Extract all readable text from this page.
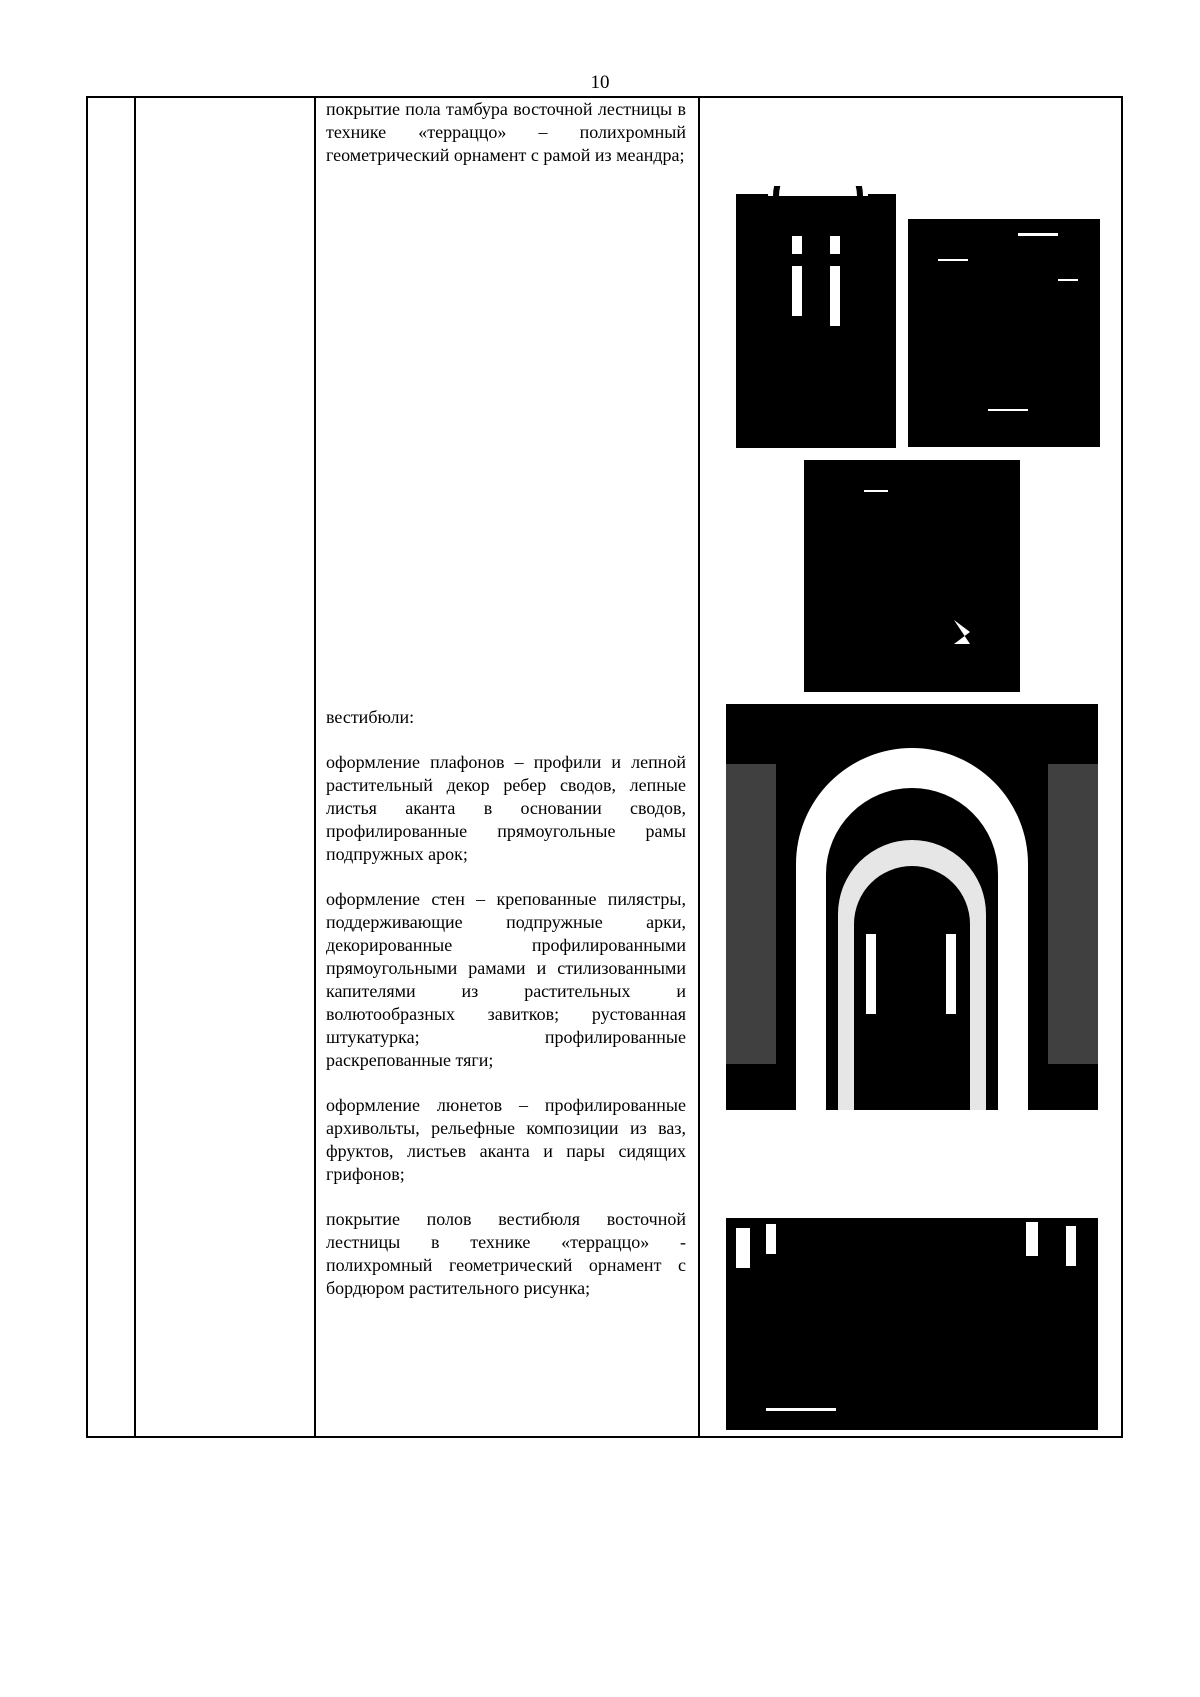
10

покрытие пола тамбура восточной лестницы в технике «терраццо» – полихромный геометрический орнамент с рамой из меандра;

вестибюли:

оформление плафонов – профили и лепной растительный декор ребер сводов, лепные листья аканта в основании сводов, профилированные прямоугольные рамы подпружных арок;

оформление стен – крепованные пилястры, поддерживающие подпружные арки, декорированные профилированными прямоугольными рамами и стилизованными капителями из растительных и волютообразных завитков; рустованная штукатурка; профилированные раскрепованные тяги;

оформление люнетов – профилированные архивольты, рельефные композиции из ваз, фруктов, листьев аканта и пары сидящих грифонов;

покрытие полов вестибюля восточной лестницы в технике «терраццо» - полихромный геометрический орнамент с бордюром растительного рисунка;
